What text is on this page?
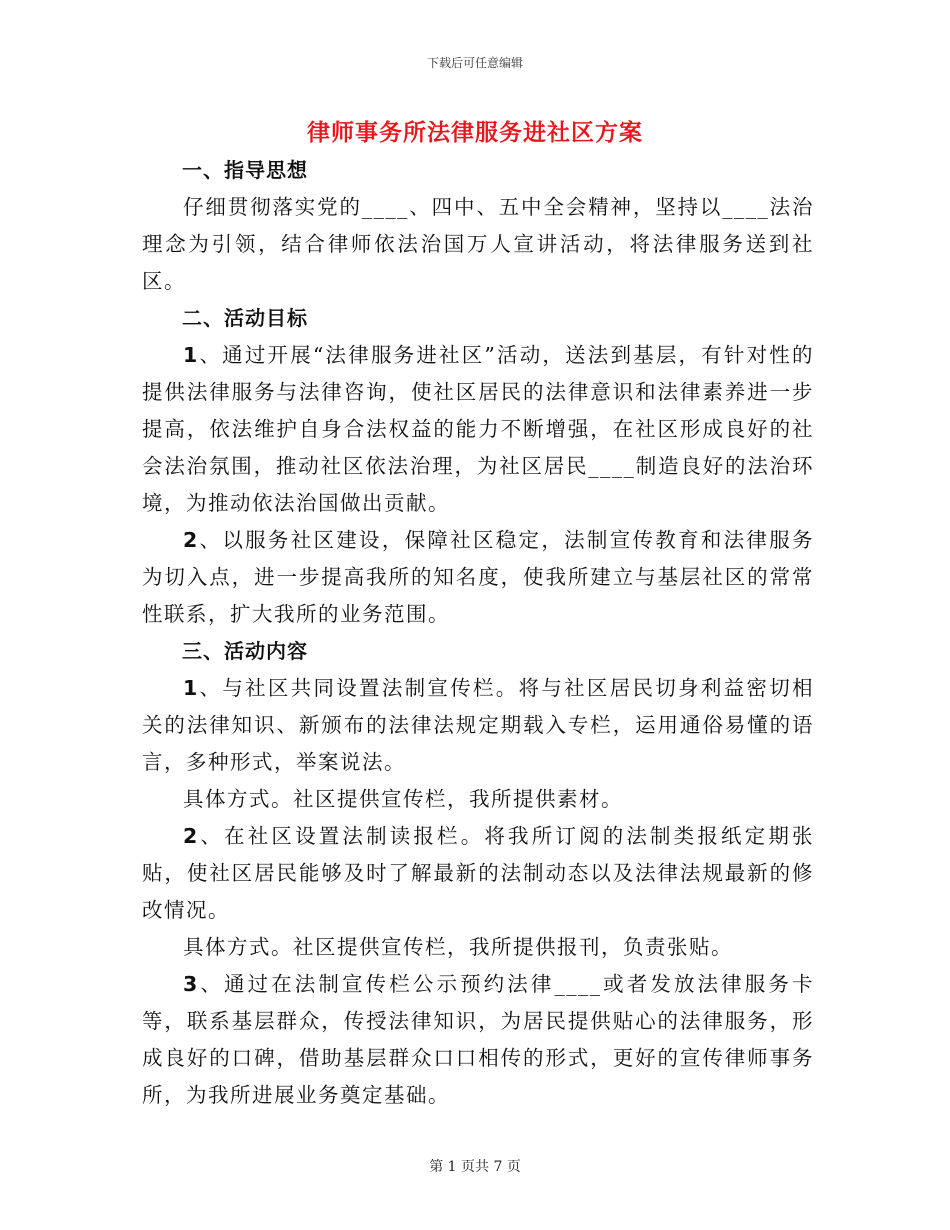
下载后可任意编辑
律师事务所法律服务进社区方案

一、指导思想

仔细贯彻落实党的____、四中、五中全会精神，坚持以____法治理念为引领，结合律师依法治国万人宣讲活动，将法律服务送到社区。

二、活动目标

1、通过开展“法律服务进社区”活动，送法到基层，有针对性的提供法律服务与法律咨询，使社区居民的法律意识和法律素养进一步提高，依法维护自身合法权益的能力不断增强，在社区形成良好的社会法治氛围，推动社区依法治理，为社区居民____制造良好的法治环境，为推动依法治国做出贡献。

2、以服务社区建设，保障社区稳定，法制宣传教育和法律服务为切入点，进一步提高我所的知名度，使我所建立与基层社区的常常性联系，扩大我所的业务范围。

三、活动内容

1、与社区共同设置法制宣传栏。将与社区居民切身利益密切相关的法律知识、新颁布的法律法规定期载入专栏，运用通俗易懂的语言，多种形式，举案说法。

具体方式。社区提供宣传栏，我所提供素材。

2、在社区设置法制读报栏。将我所订阅的法制类报纸定期张贴，使社区居民能够及时了解最新的法制动态以及法律法规最新的修改情况。

具体方式。社区提供宣传栏，我所提供报刊，负责张贴。

3、通过在法制宣传栏公示预约法律____或者发放法律服务卡等，联系基层群众，传授法律知识，为居民提供贴心的法律服务，形成良好的口碑，借助基层群众口口相传的形式，更好的宣传律师事务所，为我所进展业务奠定基础。

第 1 页共 7 页
